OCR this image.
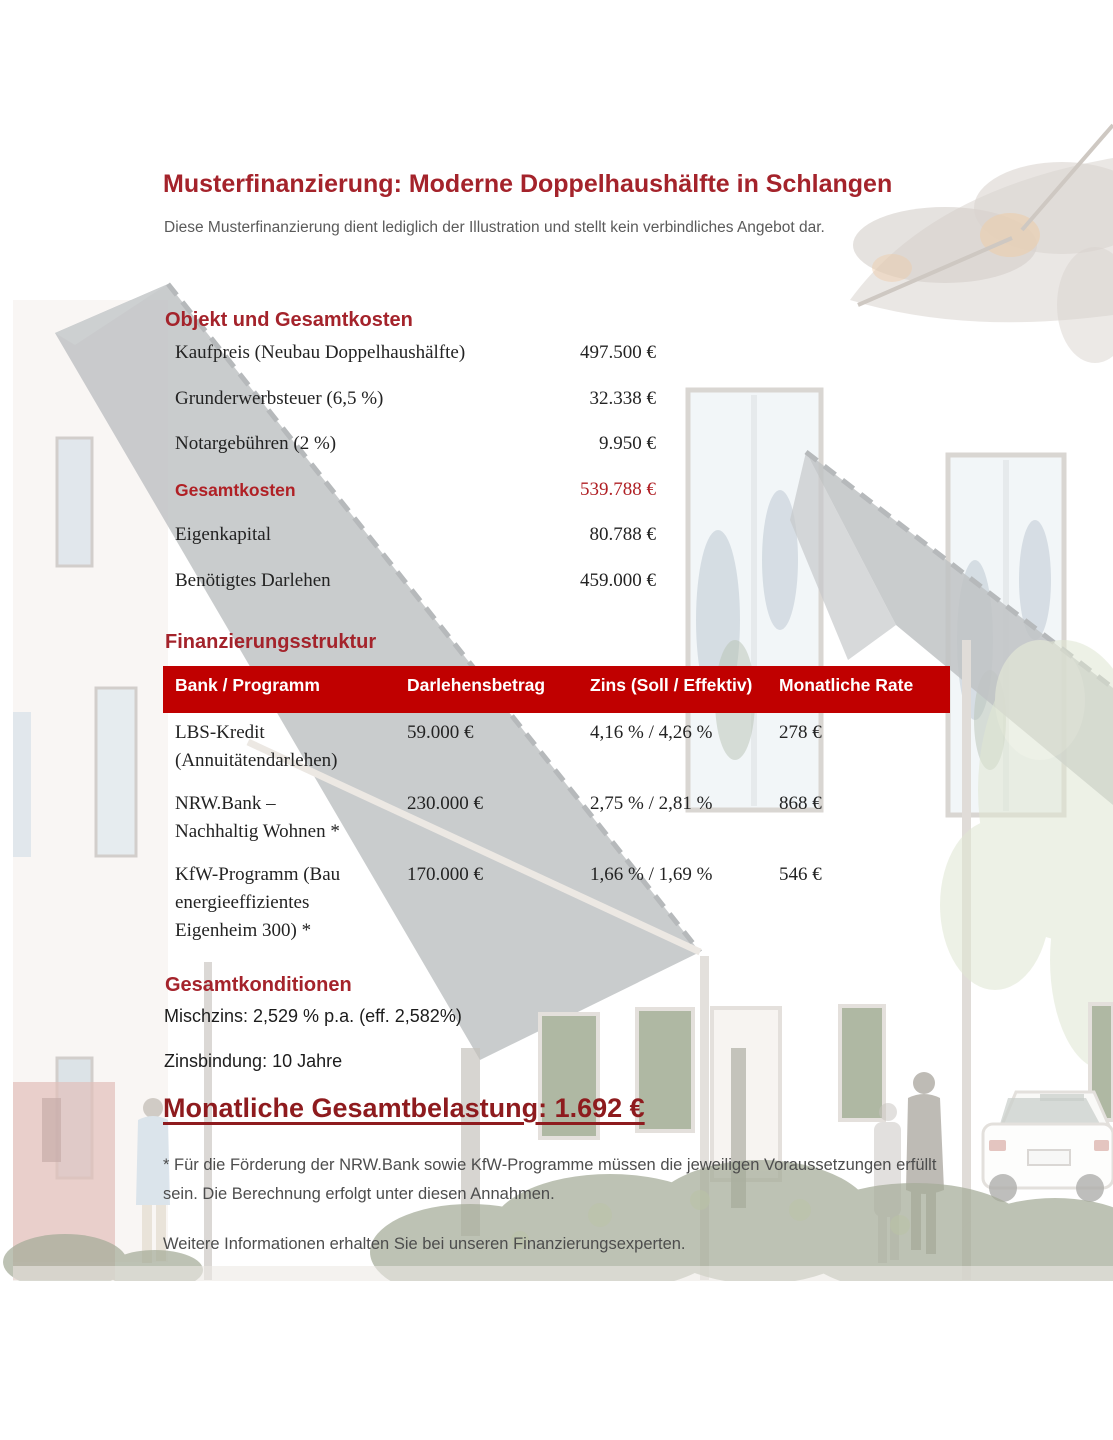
Musterfinanzierung: Moderne Doppelhaushälfte in Schlangen
Diese Musterfinanzierung dient lediglich der Illustration und stellt kein verbindliches Angebot dar.
Objekt und Gesamtkosten
Kaufpreis (Neubau Doppelhaushälfte)	497.500 €
Grunderwerbsteuer (6,5 %)	32.338 €
Notargebühren (2 %)	9.950 €
Gesamtkosten	539.788 €
Eigenkapital	80.788 €
Benötigtes Darlehen	459.000 €
Finanzierungsstruktur
Bank / Programm	Darlehensbetrag	Zins (Soll / Effektiv)	Monatliche Rate
LBS-Kredit
(Annuitätendarlehen)
59.000 €	4,16 % / 4,26 %	278 €
NRW.Bank –
Nachhaltig Wohnen *
230.000 €	2,75 % / 2,81 %	868 €
KfW-Programm (Bau
energieeffizientes
Eigenheim 300) *
170.000 €	1,66 % / 1,69 %	546 €
Gesamtkonditionen
Mischzins: 2,529 % p.a. (eff. 2,582%)
Zinsbindung: 10 Jahre
Monatliche Gesamtbelastung: 1.692 €
* Für die Förderung der NRW.Bank sowie KfW-Programme müssen die jeweiligen Voraussetzungen erfüllt sein. Die Berechnung erfolgt unter diesen Annahmen.
Weitere Informationen erhalten Sie bei unseren Finanzierungsexperten.
